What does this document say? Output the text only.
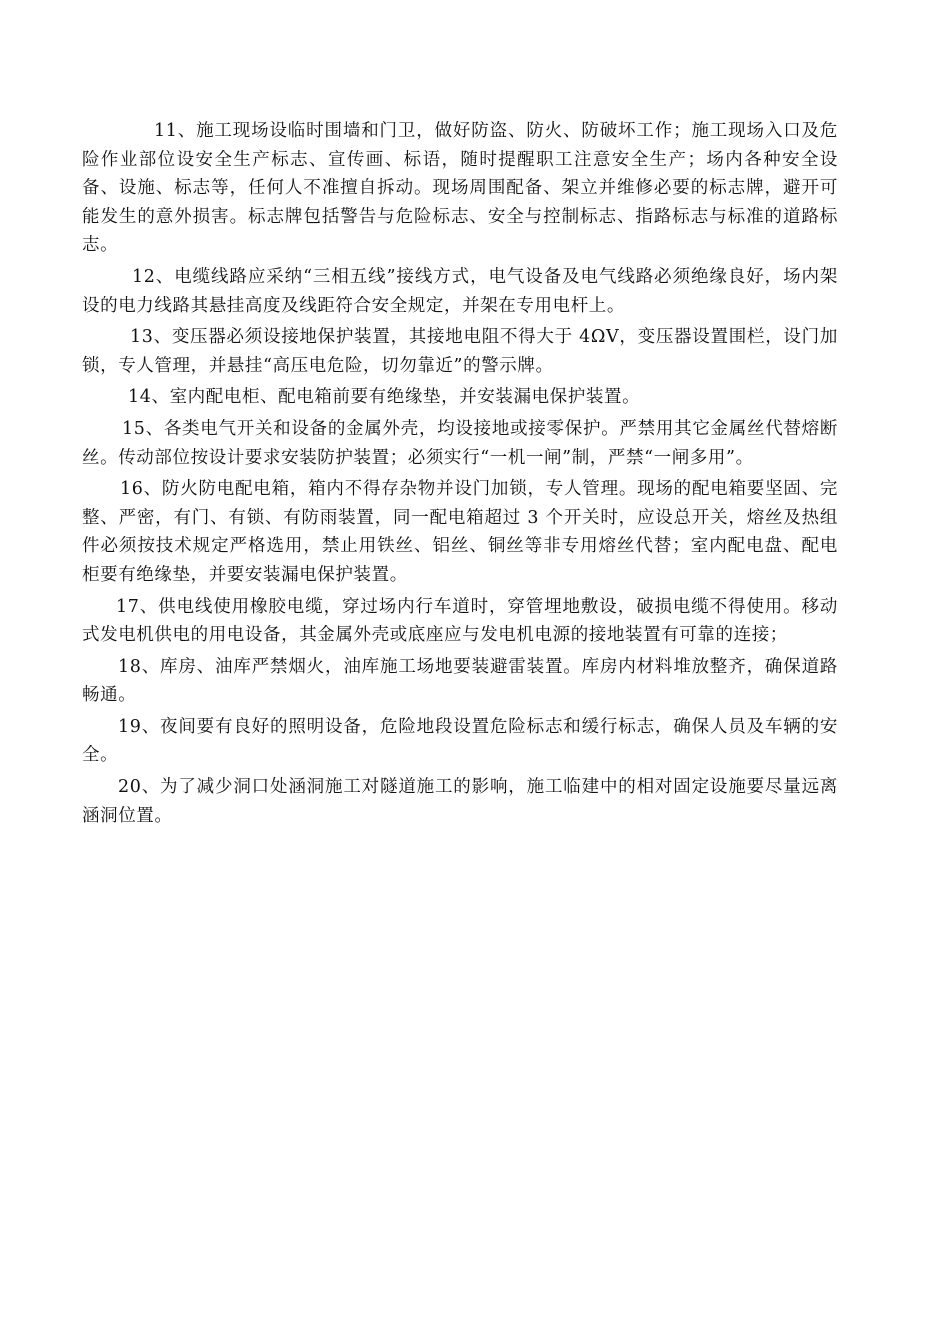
11、施工现场设临时围墙和门卫，做好防盗、防火、防破坏工作；施工现场入口及危险作业部位设安全生产标志、宣传画、标语，随时提醒职工注意安全生产；场内各种安全设备、设施、标志等，任何人不准擅自拆动。现场周围配备、架立并维修必要的标志牌，避开可能发生的意外损害。标志牌包括警告与危险标志、安全与控制标志、指路标志与标准的道路标志。

12、电缆线路应采纳“三相五线”接线方式，电气设备及电气线路必须绝缘良好，场内架设的电力线路其悬挂高度及线距符合安全规定，并架在专用电杆上。

13、变压器必须设接地保护装置，其接地电阻不得大于 4ΩV，变压器设置围栏，设门加锁，专人管理，并悬挂“高压电危险，切勿靠近”的警示牌。

14、室内配电柜、配电箱前要有绝缘垫，并安装漏电保护装置。

15、各类电气开关和设备的金属外壳，均设接地或接零保护。严禁用其它金属丝代替熔断丝。传动部位按设计要求安装防护装置；必须实行“一机一闸”制，严禁“一闸多用”。

16、防火防电配电箱，箱内不得存杂物并设门加锁，专人管理。现场的配电箱要坚固、完整、严密，有门、有锁、有防雨装置，同一配电箱超过 3 个开关时，应设总开关，熔丝及热组件必须按技术规定严格选用，禁止用铁丝、铝丝、铜丝等非专用熔丝代替；室内配电盘、配电柜要有绝缘垫，并要安装漏电保护装置。

17、供电线使用橡胶电缆，穿过场内行车道时，穿管埋地敷设，破损电缆不得使用。移动式发电机供电的用电设备，其金属外壳或底座应与发电机电源的接地装置有可靠的连接；

18、库房、油库严禁烟火，油库施工场地要装避雷装置。库房内材料堆放整齐，确保道路畅通。

19、夜间要有良好的照明设备，危险地段设置危险标志和缓行标志，确保人员及车辆的安全。

20、为了减少洞口处涵洞施工对隧道施工的影响，施工临建中的相对固定设施要尽量远离涵洞位置。
